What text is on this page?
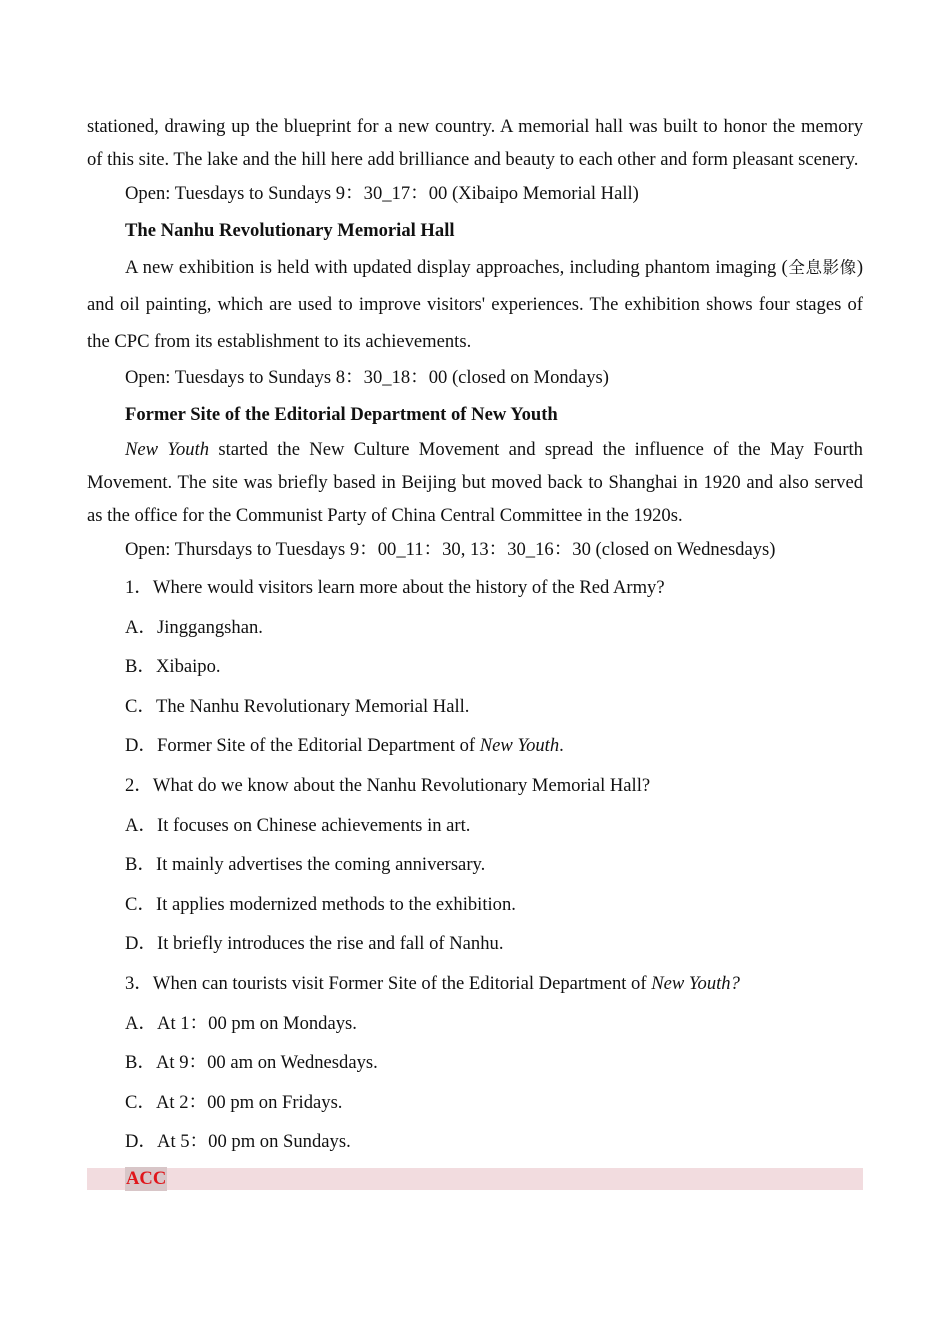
stationed, drawing up the blueprint for a new country. A memorial hall was built to honor the memory of this site. The lake and the hill here add brilliance and beauty to each other and form pleasant scenery.

Open: Tuesdays to Sundays 9：30_17：00 (Xibaipo Memorial Hall)

The Nanhu Revolutionary Memorial Hall

A new exhibition is held with updated display approaches, including phantom imaging (全息影像) and oil painting, which are used to improve visitors' experiences. The exhibition shows four stages of the CPC from its establishment to its achievements.

Open: Tuesdays to Sundays 8：30_18：00 (closed on Mondays)

Former Site of the Editorial Department of New Youth

New Youth started the New Culture Movement and spread the influence of the May Fourth Movement. The site was briefly based in Beijing but moved back to Shanghai in 1920 and also served as the office for the Communist Party of China Central Committee in the 1920s.

Open: Thursdays to Tuesdays 9：00_11：30, 13：30_16：30 (closed on Wednesdays)

1．Where would visitors learn more about the history of the Red Army?

A．Jinggangshan.

B．Xibaipo.

C．The Nanhu Revolutionary Memorial Hall.

D．Former Site of the Editorial Department of New Youth.

2．What do we know about the Nanhu Revolutionary Memorial Hall?

A．It focuses on Chinese achievements in art.

B．It mainly advertises the coming anniversary.

C．It applies modernized methods to the exhibition.

D．It briefly introduces the rise and fall of Nanhu.

3．When can tourists visit Former Site of the Editorial Department of New Youth?

A．At 1：00 pm on Mondays.

B．At 9：00 am on Wednesdays.

C．At 2：00 pm on Fridays.

D．At 5：00 pm on Sundays.

ACC
